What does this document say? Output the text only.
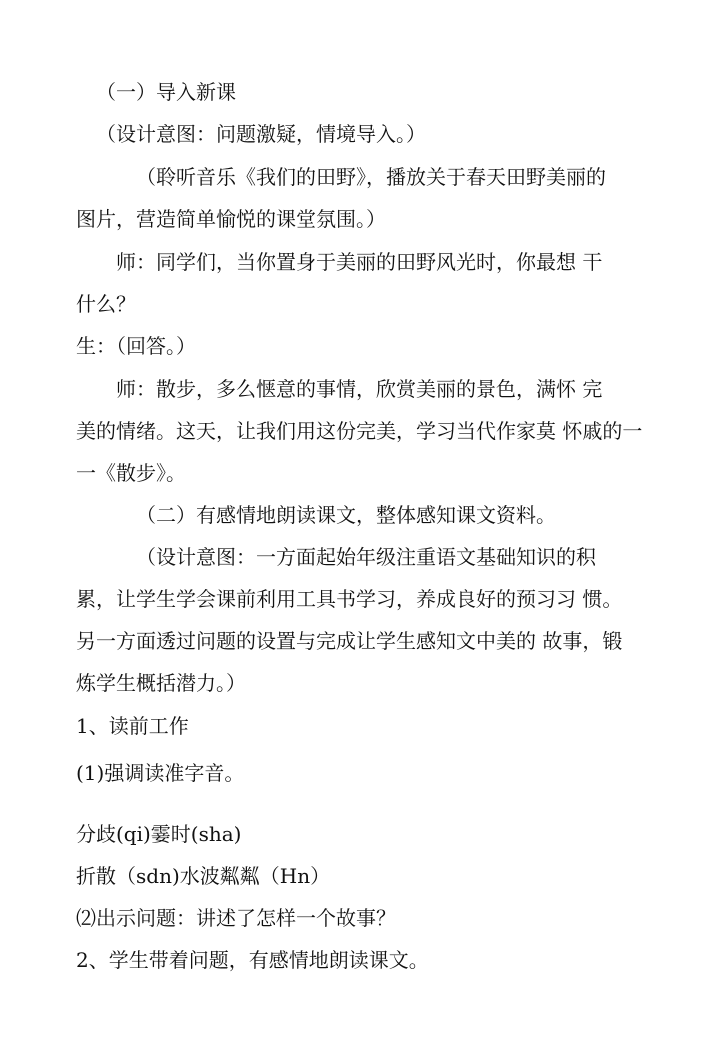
（一）导入新课
（设计意图：问题激疑，情境导入。）
（聆听音乐《我们的田野》，播放关于春天田野美丽的
图片，营造简单愉悦的课堂氛围。）
师：同学们，当你置身于美丽的田野风光时，你最想 干
什么？
生：（回答。）
师：散步，多么惬意的事情，欣赏美丽的景色，满怀 完
美的情绪。这天，让我们用这份完美，学习当代作家莫 怀戚的一
一《散步》。
（二）有感情地朗读课文，整体感知课文资料。
（设计意图：一方面起始年级注重语文基础知识的积
累，让学生学会课前利用工具书学习，养成良好的预习习 惯。
另一方面透过问题的设置与完成让学生感知文中美的 故事，锻
炼学生概括潜力。）
1、读前工作
(1)强调读准字音。
分歧(qi)霎时(sha)
折散（sdn)水波粼粼（Hn）
⑵出示问题：讲述了怎样一个故事？
2、学生带着问题，有感情地朗读课文。
